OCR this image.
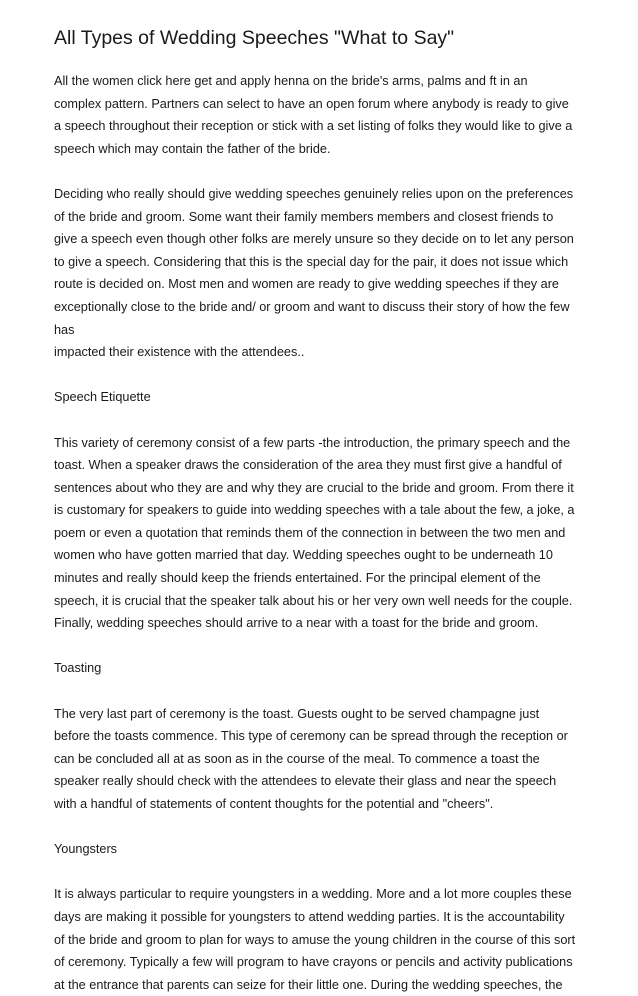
All Types of Wedding Speeches "What to Say"
All the women click here get and apply henna on the bride's arms, palms and ft in an
complex pattern. Partners can select to have an open forum where anybody is ready to give
a speech throughout their reception or stick with a set listing of folks they would like to give a
speech which may contain the father of the bride.
Deciding who really should give wedding speeches genuinely relies upon on the preferences
of the bride and groom. Some want their family members members and closest friends to
give a speech even though other folks are merely unsure so they decide on to let any person
to give a speech. Considering that this is the special day for the pair, it does not issue which
route is decided on. Most men and women are ready to give wedding speeches if they are
exceptionally close to the bride and/ or groom and want to discuss their story of how the few
has
impacted their existence with the attendees..
Speech Etiquette
This variety of ceremony consist of a few parts -the introduction, the primary speech and the
toast. When a speaker draws the consideration of the area they must first give a handful of
sentences about who they are and why they are crucial to the bride and groom. From there it
is customary for speakers to guide into wedding speeches with a tale about the few, a joke, a
poem or even a quotation that reminds them of the connection in between the two men and
women who have gotten married that day. Wedding speeches ought to be underneath 10
minutes and really should keep the friends entertained. For the principal element of the
speech, it is crucial that the speaker talk about his or her very own well needs for the couple.
Finally, wedding speeches should arrive to a near with a toast for the bride and groom.
Toasting
The very last part of ceremony is the toast. Guests ought to be served champagne just
before the toasts commence. This type of ceremony can be spread through the reception or
can be concluded all at as soon as in the course of the meal. To commence a toast the
speaker really should check with the attendees to elevate their glass and near the speech
with a handful of statements of content thoughts for the potential and "cheers".
Youngsters
It is always particular to require youngsters in a wedding. More and a lot more couples these
days are making it possible for youngsters to attend wedding parties. It is the accountability
of the bride and groom to plan for ways to amuse the young children in the course of this sort
of ceremony. Typically a few will program to have crayons or pencils and activity publications
at the entrance that parents can seize for their little one. During the wedding speeches, the
